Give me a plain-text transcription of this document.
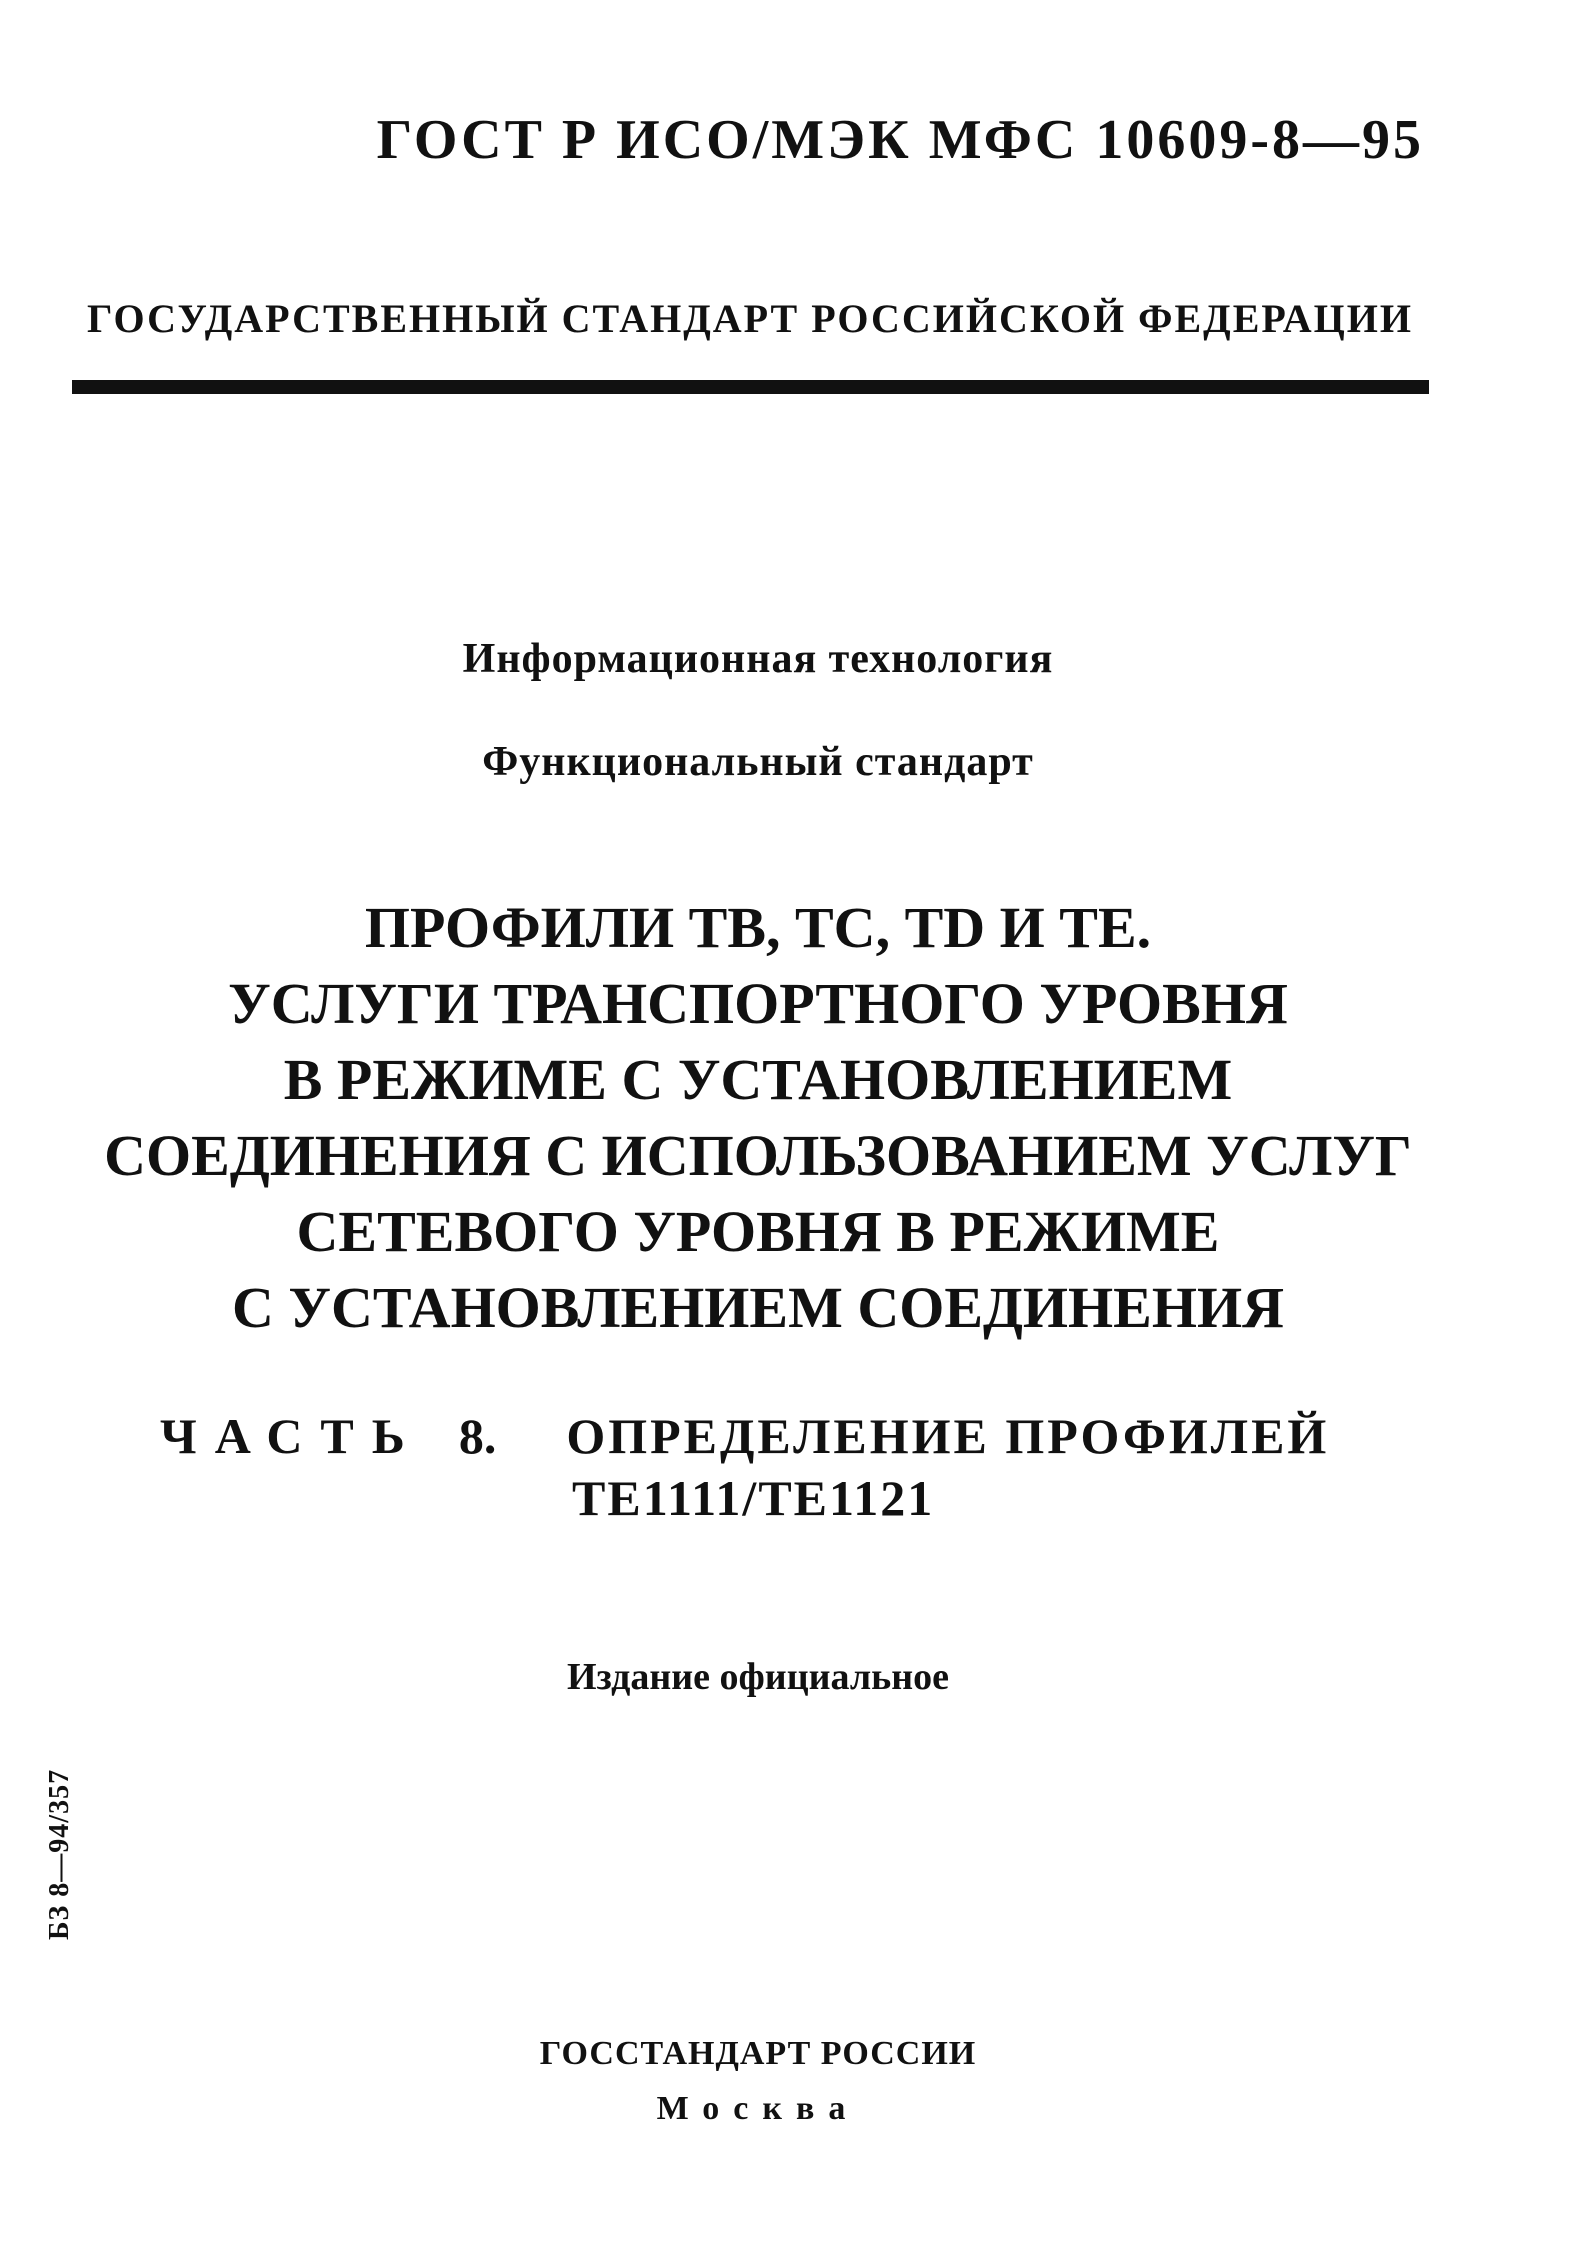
ГОСТ Р ИСО/МЭК МФС 10609-8—95
ГОСУДАРСТВЕННЫЙ СТАНДАРТ РОССИЙСКОЙ ФЕДЕРАЦИИ
Информационная технология
Функциональный стандарт
ПРОФИЛИ ТВ, ТС, TD И ТЕ.
УСЛУГИ ТРАНСПОРТНОГО УРОВНЯ
В РЕЖИМЕ С УСТАНОВЛЕНИЕМ
СОЕДИНЕНИЯ С ИСПОЛЬЗОВАНИЕМ УСЛУГ
СЕТЕВОГО УРОВНЯ В РЕЖИМЕ
С УСТАНОВЛЕНИЕМ СОЕДИНЕНИЯ
ЧАСТЬ 8. ОПРЕДЕЛЕНИЕ ПРОФИЛЕЙ
TE1111/TE1121
Издание официальное
БЗ 8—94/357
ГОССТАНДАРТ РОССИИ
Москва
